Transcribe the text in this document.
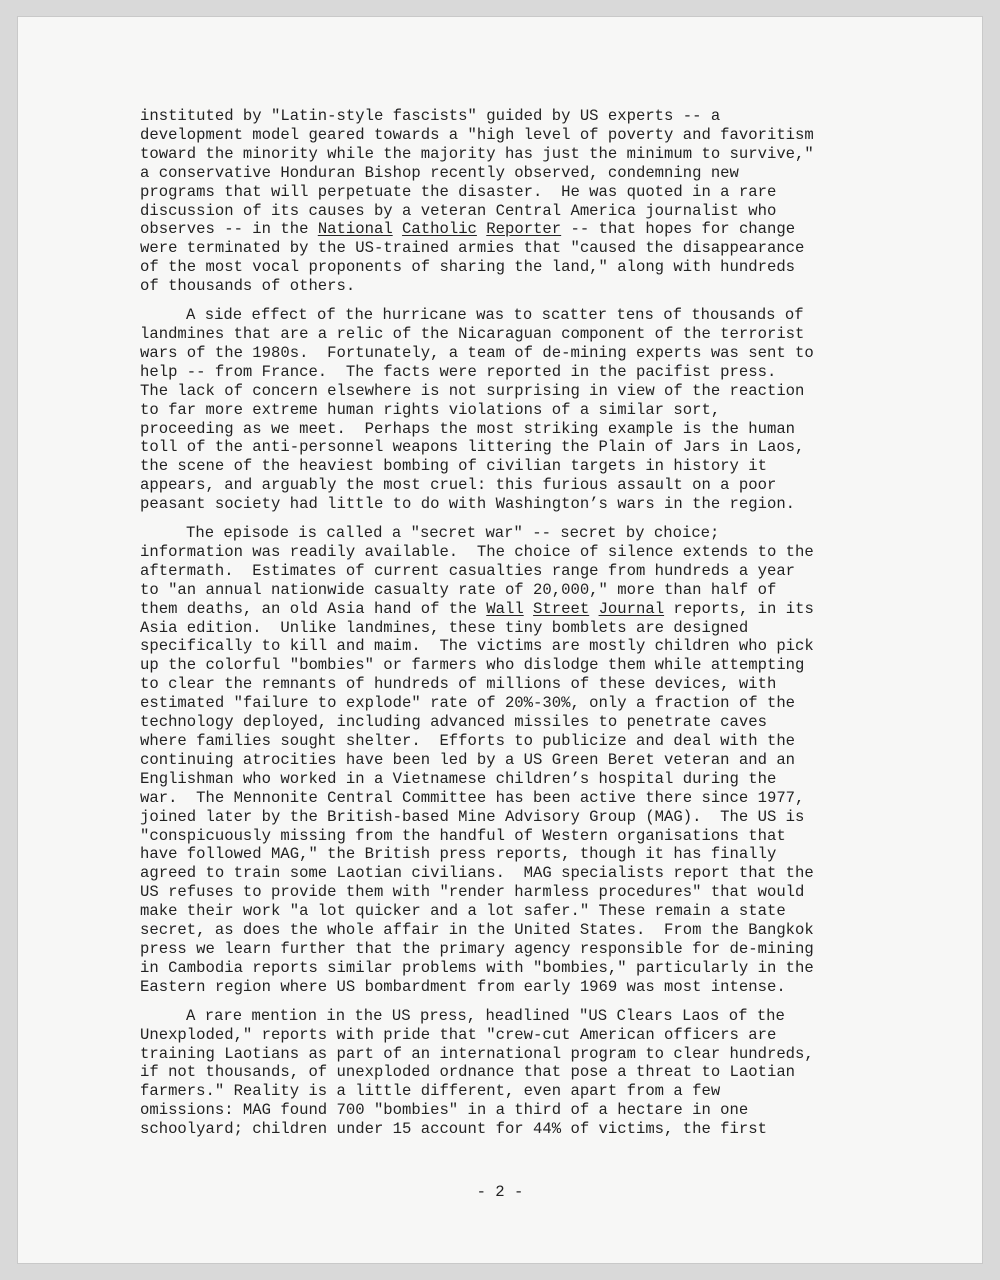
instituted by "Latin-style fascists" guided by US experts -- a
development model geared towards a "high level of poverty and favoritism
toward the minority while the majority has just the minimum to survive,"
a conservative Honduran Bishop recently observed, condemning new
programs that will perpetuate the disaster.  He was quoted in a rare
discussion of its causes by a veteran Central America journalist who
observes -- in the National Catholic Reporter -- that hopes for change
were terminated by the US-trained armies that "caused the disappearance
of the most vocal proponents of sharing the land," along with hundreds
of thousands of others.
A side effect of the hurricane was to scatter tens of thousands of
landmines that are a relic of the Nicaraguan component of the terrorist
wars of the 1980s.  Fortunately, a team of de-mining experts was sent to
help -- from France.  The facts were reported in the pacifist press.
The lack of concern elsewhere is not surprising in view of the reaction
to far more extreme human rights violations of a similar sort,
proceeding as we meet.  Perhaps the most striking example is the human
toll of the anti-personnel weapons littering the Plain of Jars in Laos,
the scene of the heaviest bombing of civilian targets in history it
appears, and arguably the most cruel: this furious assault on a poor
peasant society had little to do with Washington’s wars in the region.
The episode is called a "secret war" -- secret by choice;
information was readily available.  The choice of silence extends to the
aftermath.  Estimates of current casualties range from hundreds a year
to "an annual nationwide casualty rate of 20,000," more than half of
them deaths, an old Asia hand of the Wall Street Journal reports, in its
Asia edition.  Unlike landmines, these tiny bomblets are designed
specifically to kill and maim.  The victims are mostly children who pick
up the colorful "bombies" or farmers who dislodge them while attempting
to clear the remnants of hundreds of millions of these devices, with
estimated "failure to explode" rate of 20%-30%, only a fraction of the
technology deployed, including advanced missiles to penetrate caves
where families sought shelter.  Efforts to publicize and deal with the
continuing atrocities have been led by a US Green Beret veteran and an
Englishman who worked in a Vietnamese children’s hospital during the
war.  The Mennonite Central Committee has been active there since 1977,
joined later by the British-based Mine Advisory Group (MAG).  The US is
"conspicuously missing from the handful of Western organisations that
have followed MAG," the British press reports, though it has finally
agreed to train some Laotian civilians.  MAG specialists report that the
US refuses to provide them with "render harmless procedures" that would
make their work "a lot quicker and a lot safer." These remain a state
secret, as does the whole affair in the United States.  From the Bangkok
press we learn further that the primary agency responsible for de-mining
in Cambodia reports similar problems with "bombies," particularly in the
Eastern region where US bombardment from early 1969 was most intense.
A rare mention in the US press, headlined "US Clears Laos of the
Unexploded," reports with pride that "crew-cut American officers are
training Laotians as part of an international program to clear hundreds,
if not thousands, of unexploded ordnance that pose a threat to Laotian
farmers." Reality is a little different, even apart from a few
omissions: MAG found 700 "bombies" in a third of a hectare in one
schoolyard; children under 15 account for 44% of victims, the first
- 2 -
